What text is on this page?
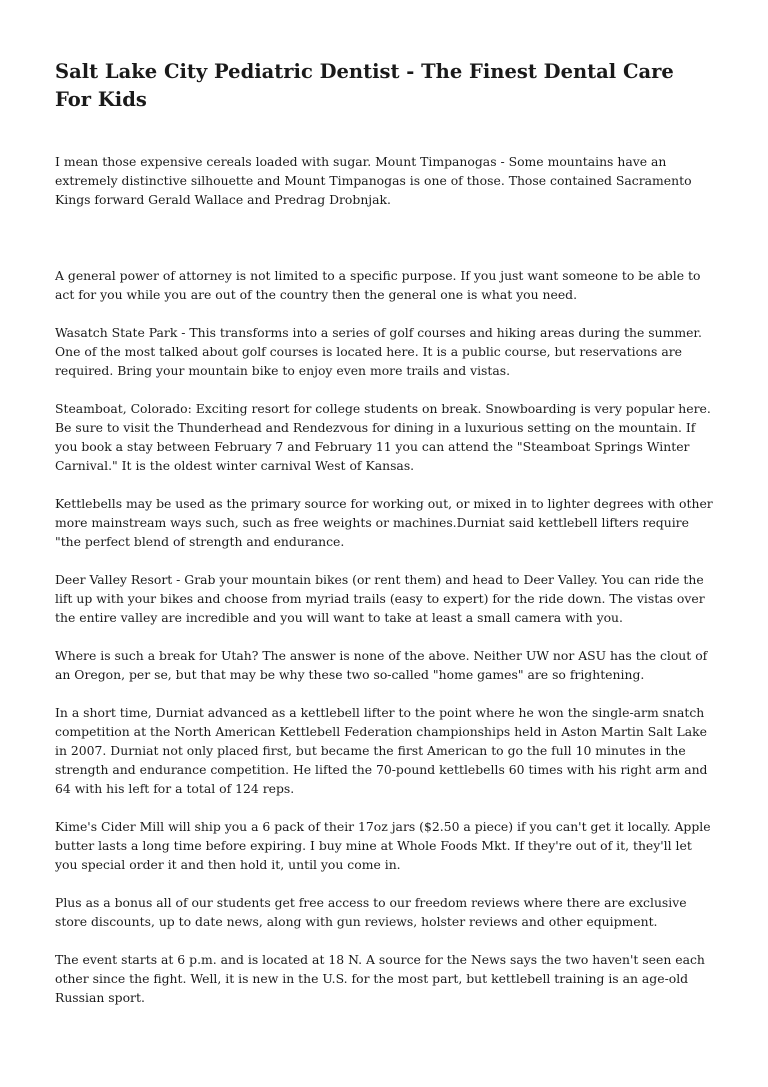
Salt Lake City Pediatric Dentist - The Finest Dental Care For Kids

I mean those expensive cereals loaded with sugar. Mount Timpanogas - Some mountains have an extremely distinctive silhouette and Mount Timpanogas is one of those. Those contained Sacramento Kings forward Gerald Wallace and Predrag Drobnjak.

A general power of attorney is not limited to a specific purpose. If you just want someone to be able to act for you while you are out of the country then the general one is what you need.

Wasatch State Park - This transforms into a series of golf courses and hiking areas during the summer. One of the most talked about golf courses is located here. It is a public course, but reservations are required. Bring your mountain bike to enjoy even more trails and vistas.

Steamboat, Colorado: Exciting resort for college students on break. Snowboarding is very popular here. Be sure to visit the Thunderhead and Rendezvous for dining in a luxurious setting on the mountain. If you book a stay between February 7 and February 11 you can attend the "Steamboat Springs Winter Carnival." It is the oldest winter carnival West of Kansas.

Kettlebells may be used as the primary source for working out, or mixed in to lighter degrees with other more mainstream ways such, such as free weights or machines.Durniat said kettlebell lifters require "the perfect blend of strength and endurance.

Deer Valley Resort - Grab your mountain bikes (or rent them) and head to Deer Valley. You can ride the lift up with your bikes and choose from myriad trails (easy to expert) for the ride down. The vistas over the entire valley are incredible and you will want to take at least a small camera with you.

Where is such a break for Utah? The answer is none of the above. Neither UW nor ASU has the clout of an Oregon, per se, but that may be why these two so-called "home games" are so frightening.

In a short time, Durniat advanced as a kettlebell lifter to the point where he won the single-arm snatch competition at the North American Kettlebell Federation championships held in Aston Martin Salt Lake in 2007. Durniat not only placed first, but became the first American to go the full 10 minutes in the strength and endurance competition. He lifted the 70-pound kettlebells 60 times with his right arm and 64 with his left for a total of 124 reps.

Kime's Cider Mill will ship you a 6 pack of their 17oz jars ($2.50 a piece) if you can't get it locally. Apple butter lasts a long time before expiring. I buy mine at Whole Foods Mkt. If they're out of it, they'll let you special order it and then hold it, until you come in.

Plus as a bonus all of our students get free access to our freedom reviews where there are exclusive store discounts, up to date news, along with gun reviews, holster reviews and other equipment.

The event starts at 6 p.m. and is located at 18 N. A source for the News says the two haven't seen each other since the fight. Well, it is new in the U.S. for the most part, but kettlebell training is an age-old Russian sport.
